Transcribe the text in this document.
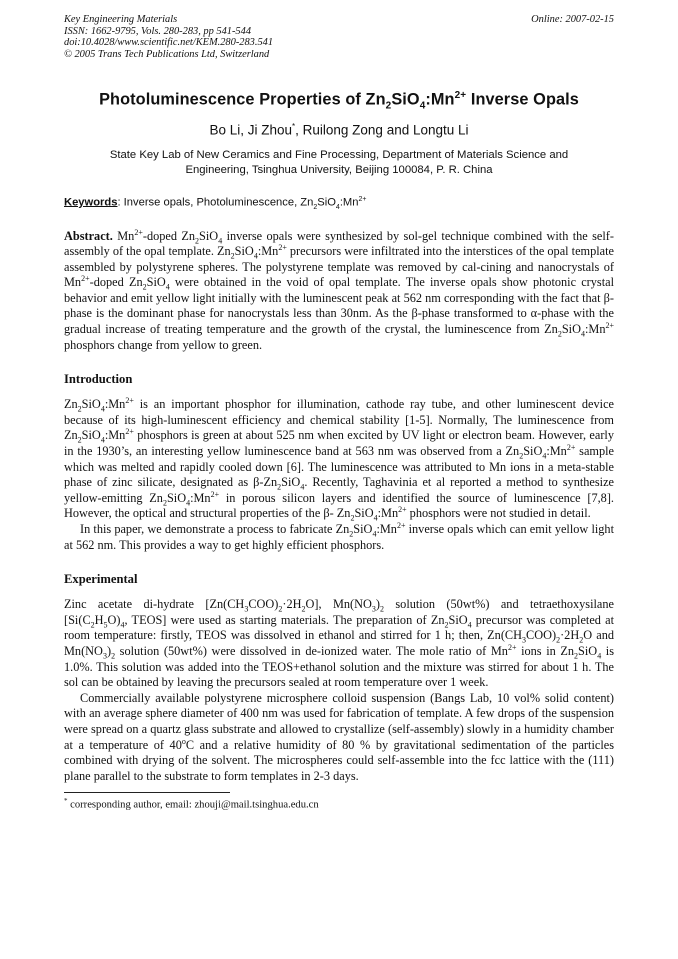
Key Engineering Materials
ISSN: 1662-9795, Vols. 280-283, pp 541-544
doi:10.4028/www.scientific.net/KEM.280-283.541
© 2005 Trans Tech Publications Ltd, Switzerland
Online: 2007-02-15
Photoluminescence Properties of $Zn_2SiO_4:Mn^{2+}$ Inverse Opals
Bo Li, Ji Zhou*, Ruilong Zong and Longtu Li
State Key Lab of New Ceramics and Fine Processing, Department of Materials Science and
Engineering, Tsinghua University, Beijing 100084, P. R. China
Keywords: Inverse opals, Photoluminescence, $Zn_2SiO_4:Mn^{2+}$

Abstract. $Mn^{2+}$-doped $Zn_2SiO_4$ inverse opals were synthesized by sol-gel technique combined with the self-assembly of the opal template. $Zn_2SiO_4:Mn^{2+}$ precursors were infiltrated into the interstices of the opal template assembled by polystyrene spheres. The polystyrene template was removed by cal-cining and nanocrystals of $Mn^{2+}$-doped $Zn_2SiO_4$ were obtained in the void of opal template. The inverse opals show photonic crystal behavior and emit yellow light initially with the luminescent peak at 562 nm corresponding with the fact that β-phase is the dominant phase for nanocrystals less than 30nm. As the β-phase transformed to α-phase with the gradual increase of treating temperature and the growth of the crystal, the luminescence from $Zn_2SiO_4:Mn^{2+}$ phosphors change from yellow to green.

Introduction

$Zn_2SiO_4:Mn^{2+}$ is an important phosphor for illumination, cathode ray tube, and other luminescent device because of its high-luminescent efficiency and chemical stability [1-5]. Normally, The luminescence from $Zn_2SiO_4:Mn^{2+}$ phosphors is green at about 525 nm when excited by UV light or electron beam. However, early in the 1930’s, an interesting yellow luminescence band at 563 nm was observed from a $Zn_2SiO_4:Mn^{2+}$ sample which was melted and rapidly cooled down [6]. The luminescence was attributed to Mn ions in a meta-stable phase of zinc silicate, designated as $\beta-Zn_2SiO_4$. Recently, Taghavinia et al reported a method to synthesize yellow-emitting $Zn_2SiO_4:Mn^{2+}$ in porous silicon layers and identified the source of luminescence [7,8]. However, the optical and structural properties of the β- $Zn_2SiO_4:Mn^{2+}$ phosphors were not studied in detail.

In this paper, we demonstrate a process to fabricate $Zn_2SiO_4:Mn^{2+}$ inverse opals which can emit yellow light at 562 nm. This provides a way to get highly efficient phosphors.

Experimental

Zinc acetate di-hydrate $[Zn(CH_3COO)_2\cdot 2H_2O]$, $Mn(NO_3)_2$ solution (50wt%) and tetraethoxysilane [$Si(C_2H_5O)_4$, TEOS] were used as starting materials. The preparation of $Zn_2SiO_4$ precursor was completed at room temperature: firstly, TEOS was dissolved in ethanol and stirred for 1 h; then, $Zn(CH_3COO)_2\cdot 2H_2O$ and $Mn(NO_3)_2$ solution (50wt%) were dissolved in de-ionized water. The mole ratio of $Mn^{2+}$ ions in $Zn_2SiO_4$ is 1.0%. This solution was added into the TEOS+ethanol solution and the mixture was stirred for about 1 h. The sol can be obtained by leaving the precursors sealed at room temperature over 1 week.

Commercially available polystyrene microsphere colloid suspension (Bangs Lab, 10 vol% solid content) with an average sphere diameter of 400 nm was used for fabrication of template. A few drops of the suspension were spread on a quartz glass substrate and allowed to crystallize (self-assembly) slowly in a humidity chamber at a temperature of 40$^o$C and a relative humidity of 80 % by gravitational sedimentation of the particles combined with drying of the solvent. The microspheres could self-assemble into the fcc lattice with the (111) plane parallel to the substrate to form templates in 2-3 days.

* corresponding author, email: zhouji@mail.tsinghua.edu.cn
